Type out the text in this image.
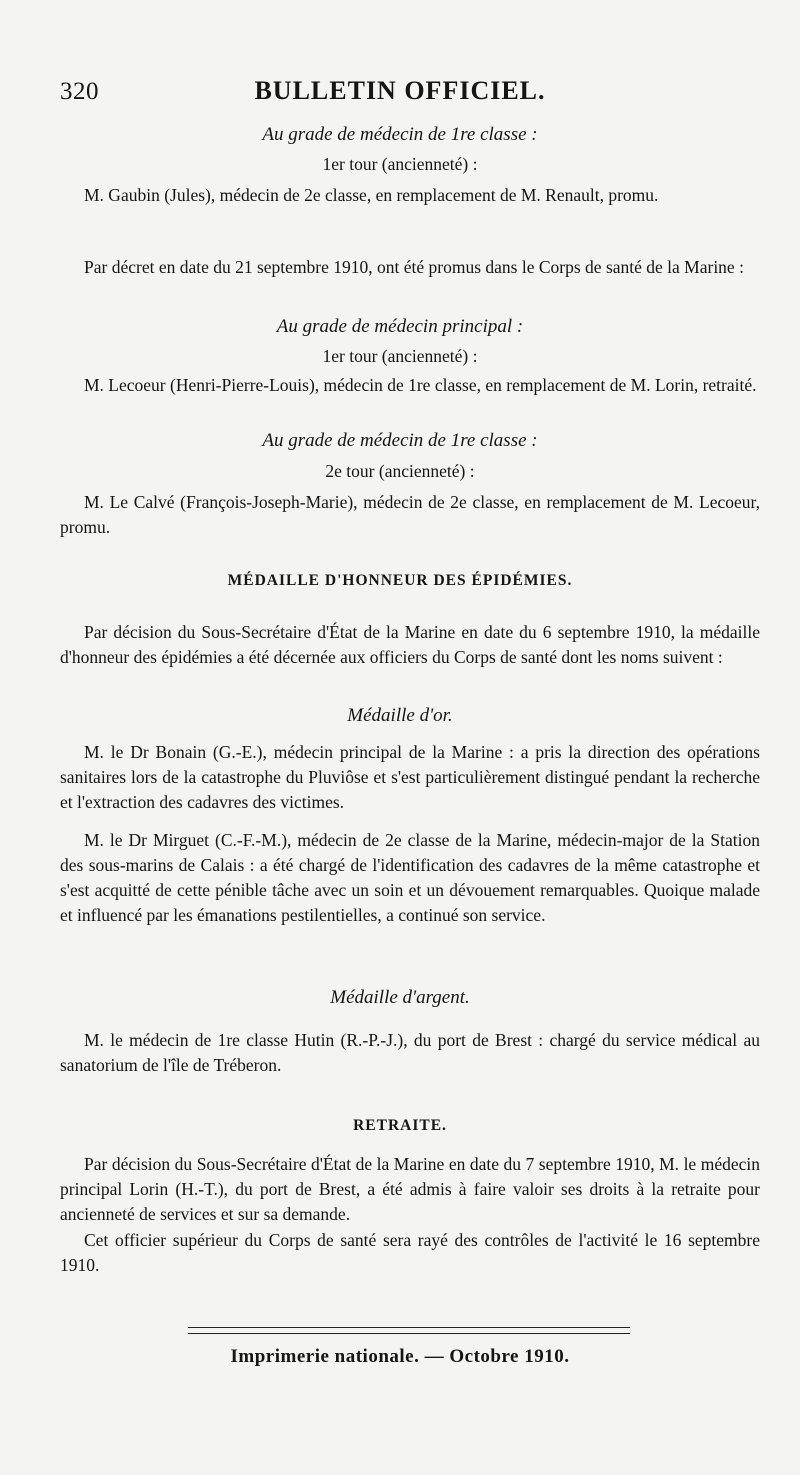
320	BULLETIN OFFICIEL.
Au grade de médecin de 1re classe :
1er tour (ancienneté) :

M. Gaubin (Jules), médecin de 2e classe, en remplacement de M. Renault, promu.

Par décret en date du 21 septembre 1910, ont été promus dans le Corps de santé de la Marine :

Au grade de médecin principal :
1er tour (ancienneté) :

M. Lecoeur (Henri-Pierre-Louis), médecin de 1re classe, en remplacement de M. Lorin, retraité.

Au grade de médecin de 1re classe :
2e tour (ancienneté) :

M. Le Calvé (François-Joseph-Marie), médecin de 2e classe, en remplacement de M. Lecoeur, promu.

MÉDAILLE D'HONNEUR DES ÉPIDÉMIES.

Par décision du Sous-Secrétaire d'État de la Marine en date du 6 septembre 1910, la médaille d'honneur des épidémies a été décernée aux officiers du Corps de santé dont les noms suivent :

Médaille d'or.

M. le Dr Bonain (G.-E.), médecin principal de la Marine : a pris la direction des opérations sanitaires lors de la catastrophe du Pluviôse et s'est particulièrement distingué pendant la recherche et l'extraction des cadavres des victimes.

M. le Dr Mirguet (C.-F.-M.), médecin de 2e classe de la Marine, médecin-major de la Station des sous-marins de Calais : a été chargé de l'identification des cadavres de la même catastrophe et s'est acquitté de cette pénible tâche avec un soin et un dévouement remarquables. Quoique malade et influencé par les émanations pestilentielles, a continué son service.

Médaille d'argent.

M. le médecin de 1re classe Hutin (R.-P.-J.), du port de Brest : chargé du service médical au sanatorium de l'île de Tréberon.

RETRAITE.

Par décision du Sous-Secrétaire d'État de la Marine en date du 7 septembre 1910, M. le médecin principal Lorin (H.-T.), du port de Brest, a été admis à faire valoir ses droits à la retraite pour ancienneté de services et sur sa demande.

Cet officier supérieur du Corps de santé sera rayé des contrôles de l'activité le 16 septembre 1910.

Imprimerie nationale. — Octobre 1910.
